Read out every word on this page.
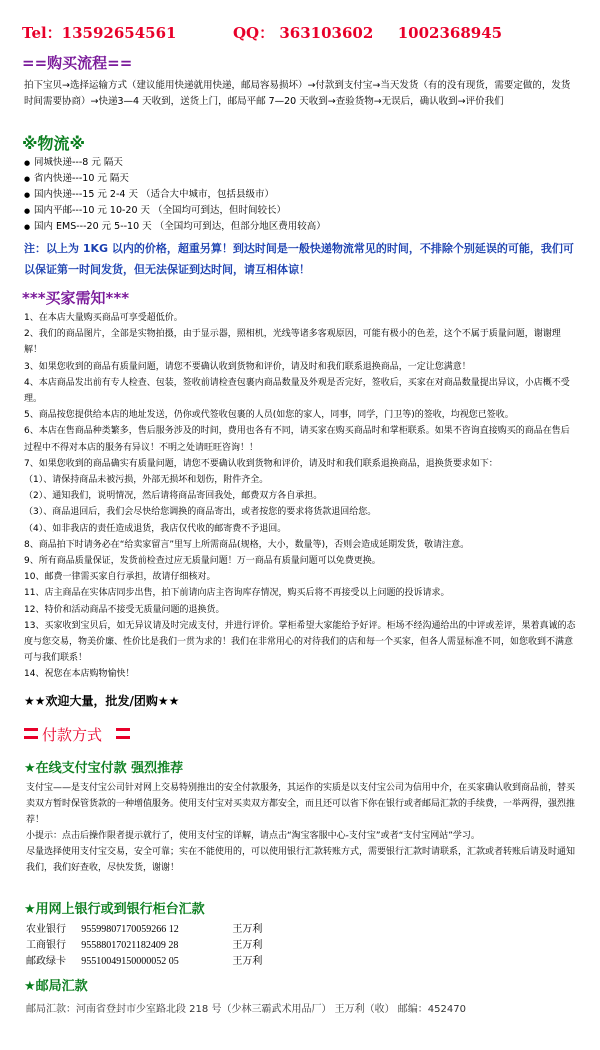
Tel：13592654561	QQ： 363103602 1002368945
==购买流程==
拍下宝贝→选择运输方式（建议能用快递就用快递，邮局容易损坏）→付款到支付宝→当天发货（有的没有现货，需要定做的，发货时间需要协商）→快递3—4 天收到，送货上门，邮局平邮 7—20 天收到→查验货物→无误后，确认收到→评价我们
※物流※
● 同城快递---8 元 隔天
● 省内快递---10 元 隔天
● 国内快递---15 元 2-4 天 （适合大中城市，包括县级市）
● 国内平邮---10 元 10-20 天 （全国均可到达，但时间较长）
● 国内 EMS---20 元 5--10 天 （全国均可到达，但部分地区费用较高）
注：以上为 1KG 以内的价格，超重另算！到达时间是一般快递物流常见的时间，不排除个别延误的可能，我们可以保证第一时间发货，但无法保证到达时间，请互相体谅！
***买家需知***
1、在本店大量购买商品可享受超低价。
2、我们的商品图片，全部是实物拍摄，由于显示器，照相机，光线等诸多客观原因，可能有极小的色差，这个不属于质量问题，谢谢理解！
3、如果您收到的商品有质量问题，请您不要确认收到货物和评价，请及时和我们联系退换商品，一定让您满意！
4、本店商品发出前有专人检查、包装，签收前请检查包裹内商品数量及外观是否完好，签收后，买家在对商品数量提出异议，小店概不受理。
5、商品按您提供给本店的地址发送，仍你或代签收包裹的人员(如您的家人，同事，同学，门卫等)的签收，均视您已签收。
6、本店在售商品种类繁多，售后服务涉及的时间，费用也各有不同，请买家在购买商品时和掌柜联系。如果不咨询直接购买的商品在售后过程中不得对本店的服务有异议！不明之处请旺旺咨询！！
7、如果您收到的商品确实有质量问题，请您不要确认收到货物和评价，请及时和我们联系退换商品，退换货要求如下：
（1）、请保持商品未被污损，外部无损坏和划伤，附件齐全。
（2）、通知我们，说明情况，然后请将商品寄回我处，邮费双方各自承担。
（3）、商品退回后，我们会尽快给您调换的商品寄出，或者按您的要求将货款退回给您。
（4）、如非我店的责任造成退货，我店仅代收的邮寄费不予退回。
8、商品拍下时请务必在“给卖家留言”里写上所需商品(规格，大小，数量等)，否则会造成延期发货，敬请注意。
9、所有商品质量保证，发货前检查过应无质量问题！万一商品有质量问题可以免费更换。
10、邮费一律需买家自行承担，故请仔细核对。
11、店主商品在实体店同步出售，拍下前请向店主咨询库存情况，购买后将不再接受以上问题的投诉请求。
12、特价和活动商品不接受无质量问题的退换货。
13、买家收到宝贝后，如无异议请及时完成支付，并进行评价。掌柜希望大家能给予好评。柜场不经沟通给出的中评或差评，果着真诚的态度与您交易，物美价廉、性价比是我们一贯为求的！我们在非常用心的对待我们的店和每一个买家，但各人需显标准不同，如您收到不满意可与我们联系！
14、祝您在本店购物愉快！
★★欢迎大量，批发/团购★★
付款方式
★在线支付宝付款 强烈推荐
支付宝——是支付宝公司针对网上交易特别推出的安全付款服务，其运作的实质是以支付宝公司为信用中介，在买家确认收到商品前，替买卖双方暂时保管货款的一种增值服务。使用支付宝对买卖双方都安全，而且还可以省下你在银行或者邮局汇款的手续费，一举两得，强烈推荐！
小提示：点击后操作限者提示就行了，使用支付宝的详解，请点击“淘宝客服中心-支付宝”或者“支付宝网站”学习。
尽量选择使用支付宝交易，安全可靠；实在不能使用的，可以使用银行汇款转账方式，需要银行汇款时请联系，汇款或者转账后请及时通知我们，我们好查收，尽快发货，谢谢！
★用网上银行或到银行柜台汇款
农业银行 95599807170059266 12	王万利
工商银行 95588017021182409 28	王万利
邮政绿卡 95510049150000052 05	王万利
★邮局汇款
邮局汇款：河南省登封市少室路北段 218 号（少林三霸武术用品厂） 王万利（收） 邮编：452470
